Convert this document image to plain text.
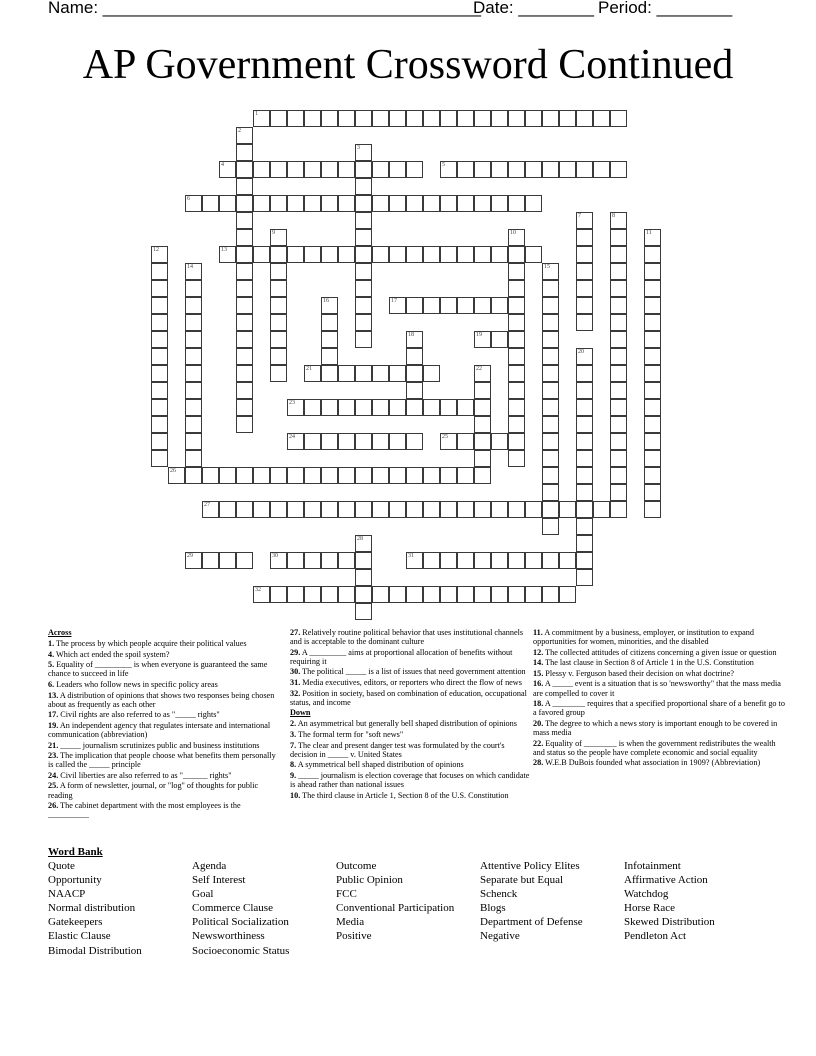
Name: ________________________________________
Date: ________ Period: ________
AP Government Crossword Continued
1
2
3
4	5
6
7	8
9	10	11
12	13
14	15
16	17
18	19
20
21	22
23
24	25
26
27
28
29	30	31
32
Across
1. The process by which people acquire their political values
4. Which act ended the spoil system?
5. Equality of _________ is when everyone is guaranteed the same chance to succeed in life
6. Leaders who follow news in specific policy areas
13. A distribution of opinions that shows two responses being chosen about as frequently as each other
17. Civil rights are also referred to as "_____ rights"
19. An independent agency that regulates intersate and international communication (abbreviation)
21. _____ journalism scrutinizes public and business institutions
23. The implication that people choose what benefits them personally is called the _____ principle
24. Civil liberties are also referred to as "______ rights"
25. A form of newsletter, journal, or "log" of thoughts for public reading
26. The cabinet department with the most employees is the __________
27. Relatively routine political behavior that uses institutional channels and is acceptable to the dominant culture
29. A _________ aims at proportional allocation of benefits without requiring it
30. The political _____ is a list of issues that need government attention
31. Media executives, editors, or reporters who direct the flow of news
32. Position in society, based on combination of education, occupational status, and income
Down
2. An asymmetrical but generally bell shaped distribution of opinions
3. The formal term for "soft news"
7. The clear and present danger test was formulated by the court's decision in _____ v. United States
8. A symmetrical bell shaped distribution of opinions
9. _____ journalism is election coverage that focuses on which candidate is ahead rather than national issues
10. The third clause in Article 1, Section 8 of the U.S. Constitution
11. A commitment by a business, employer, or institution to expand opportunities for women, minorities, and the disabled
12. The collected attitudes of citizens concerning a given issue or question
14. The last clause in Section 8 of Article 1 in the U.S. Constitution
15. Plessy v. Ferguson based their decision on what doctrine?
16. A _____ event is a situation that is so 'newsworthy" that the mass media are compelled to cover it
18. A ________ requires that a specified proportional share of a benefit go to a favored group
20. The degree to which a news story is important enough to be covered in mass media
22. Equality of ________ is when the government redistributes the wealth and status so the people have complete economic and social equality
28. W.E.B DuBois founded what association in 1909? (Abbreviation)
Word Bank
Quote
Opportunity
NAACP
Normal distribution
Gatekeepers
Elastic Clause
Bimodal Distribution
Agenda
Self Interest
Goal
Commerce Clause
Political Socialization
Newsworthiness
Socioeconomic Status
Outcome
Public Opinion
FCC
Conventional Participation
Media
Positive
Attentive Policy Elites
Separate but Equal
Schenck
Blogs
Department of Defense
Negative
Infotainment
Affirmative Action
Watchdog
Horse Race
Skewed Distribution
Pendleton Act
